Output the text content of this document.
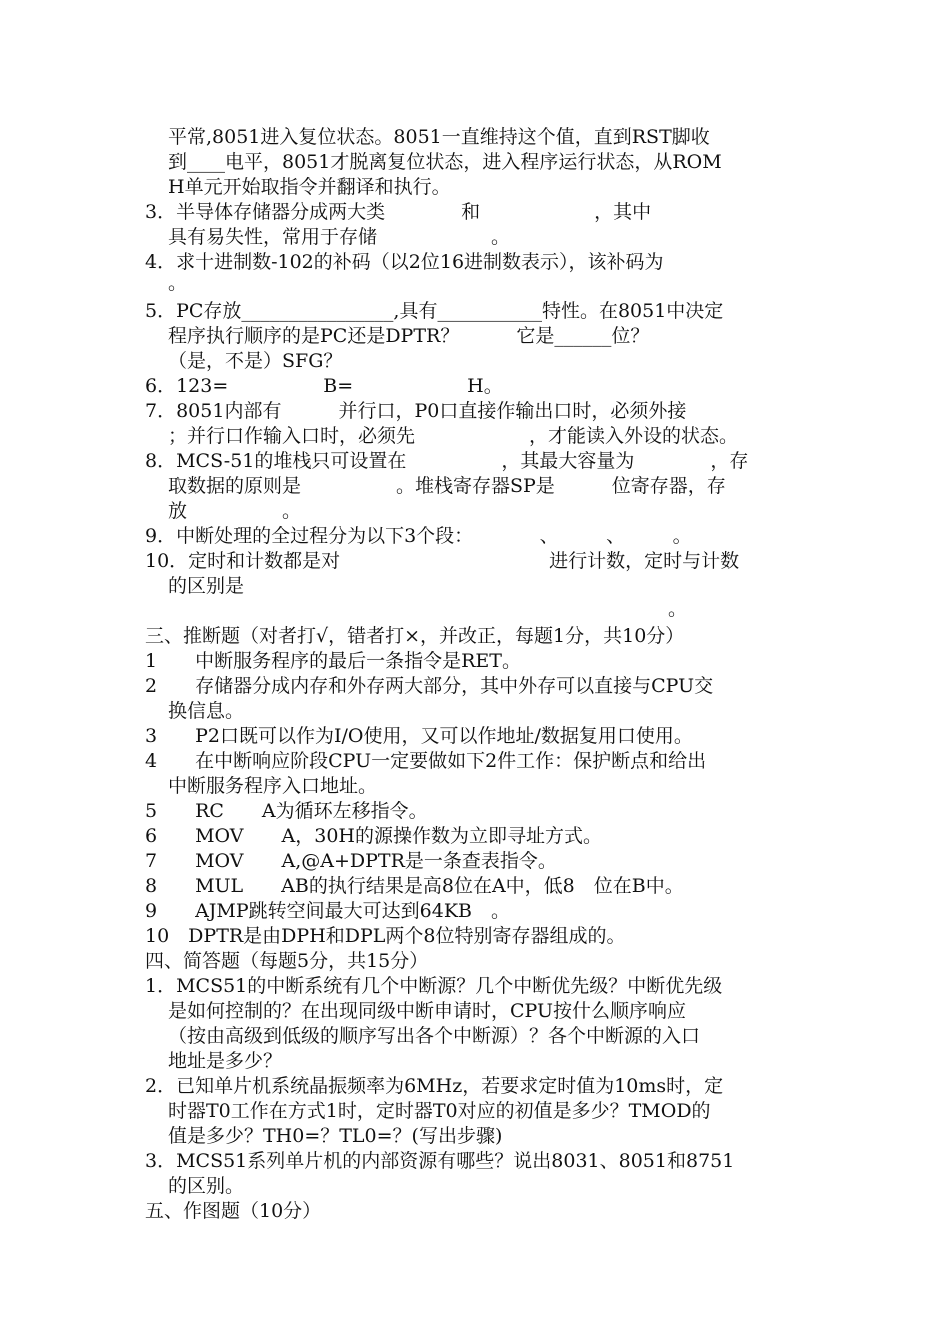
平常,8051进入复位状态。8051一直维持这个值，直到RST脚收
到____电平，8051才脱离复位状态，进入程序运行状态，从ROM
H单元开始取指令并翻译和执行。
3．半导体存储器分成两大类　　　　和　　　　　　，其中
具有易失性，常用于存储　　　　　　。
4．求十进制数-102的补码（以2位16进制数表示），该补码为
。
5．PC存放________________,具有___________特性。在8051中决定
程序执行顺序的是PC还是DPTR？　　　它是______位？
（是，不是）SFG？
6．123=　　　　　B=　　　　　　H。
7．8051内部有　　　并行口，P0口直接作输出口时，必须外接
；并行口作输入口时，必须先　　　　　　，才能读入外设的状态。
8．MCS-51的堆栈只可设置在　　　　　，其最大容量为　　　　，存
取数据的原则是　　　　　。堆栈寄存器SP是　　　位寄存器，存
放　　　　　。
9．中断处理的全过程分为以下3个段：　　　　、　　　、　　　。
10．定时和计数都是对　　　　　　　　　　　进行计数，定时与计数
的区别是
。
三、推断题（对者打√，错者打×，并改正，每题1分，共10分）
1　　中断服务程序的最后一条指令是RET。
2　　存储器分成内存和外存两大部分，其中外存可以直接与CPU交
换信息。
3　　P2口既可以作为I/O使用，又可以作地址/数据复用口使用。
4　　在中断响应阶段CPU一定要做如下2件工作：保护断点和给出
中断服务程序入口地址。
5　　RC　　A为循环左移指令。
6　　MOV　　A，30H的源操作数为立即寻址方式。
7　　MOV　　A,@A+DPTR是一条查表指令。
8　　MUL　　AB的执行结果是高8位在A中，低8　位在B中。
9　　AJMP跳转空间最大可达到64KB　。
10　DPTR是由DPH和DPL两个8位特别寄存器组成的。
四、简答题（每题5分，共15分）
1．MCS51的中断系统有几个中断源？几个中断优先级？中断优先级
是如何控制的？在出现同级中断申请时，CPU按什么顺序响应
（按由高级到低级的顺序写出各个中断源）？各个中断源的入口
地址是多少？
2．已知单片机系统晶振频率为6MHz，若要求定时值为10ms时，定
时器T0工作在方式1时，定时器T0对应的初值是多少？TMOD的
值是多少？TH0=？TL0=？(写出步骤)
3．MCS51系列单片机的内部资源有哪些？说出8031、8051和8751
的区别。
五、作图题（10分）
